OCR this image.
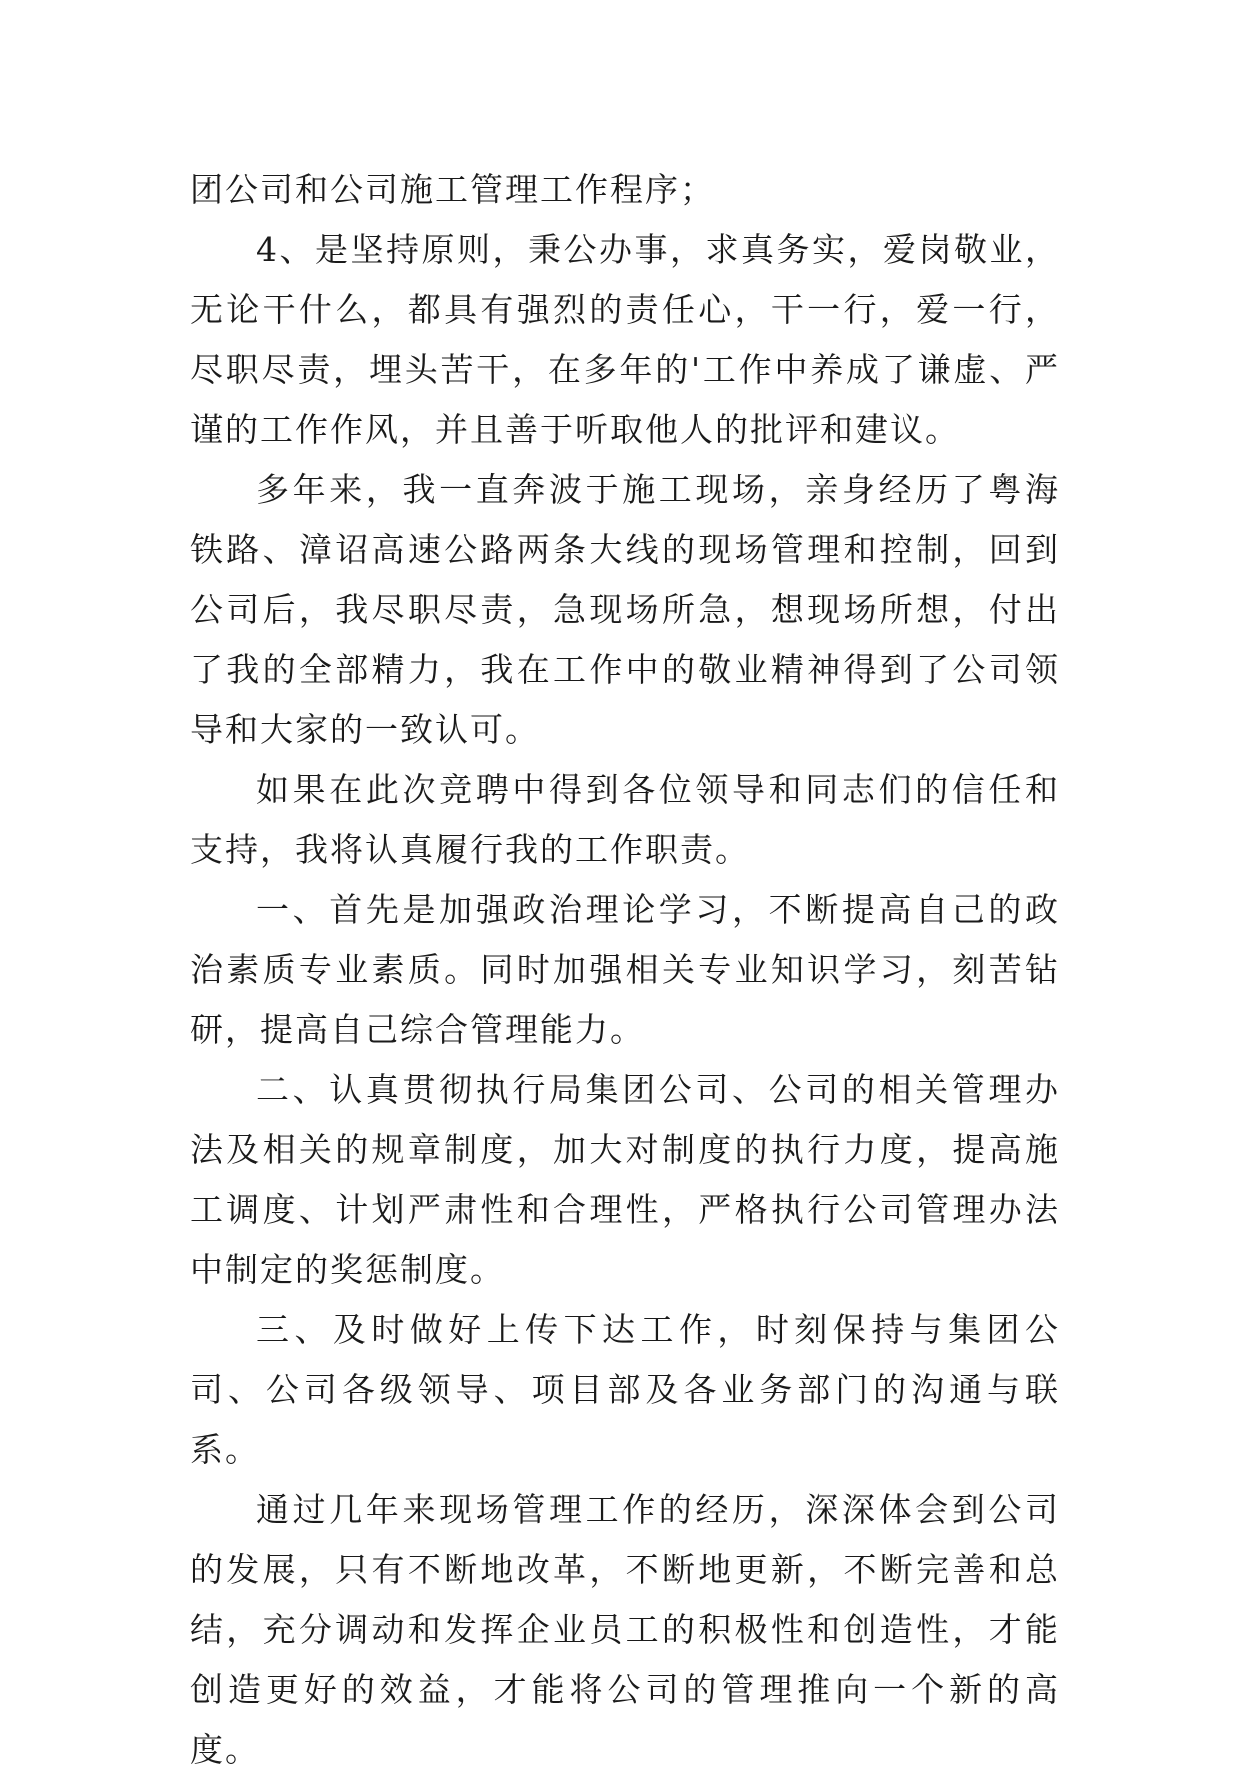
团公司和公司施工管理工作程序；

4、是坚持原则，秉公办事，求真务实，爱岗敬业，无论干什么，都具有强烈的责任心，干一行，爱一行，尽职尽责，埋头苦干，在多年的'工作中养成了谦虚、严谨的工作作风，并且善于听取他人的批评和建议。

多年来，我一直奔波于施工现场，亲身经历了粤海铁路、漳诏高速公路两条大线的现场管理和控制，回到公司后，我尽职尽责，急现场所急，想现场所想，付出了我的全部精力，我在工作中的敬业精神得到了公司领导和大家的一致认可。

如果在此次竞聘中得到各位领导和同志们的信任和支持，我将认真履行我的工作职责。

一、首先是加强政治理论学习，不断提高自己的政治素质专业素质。同时加强相关专业知识学习，刻苦钻研，提高自己综合管理能力。

二、认真贯彻执行局集团公司、公司的相关管理办法及相关的规章制度，加大对制度的执行力度，提高施工调度、计划严肃性和合理性，严格执行公司管理办法中制定的奖惩制度。

三、及时做好上传下达工作，时刻保持与集团公司、公司各级领导、项目部及各业务部门的沟通与联系。

通过几年来现场管理工作的经历，深深体会到公司的发展，只有不断地改革，不断地更新，不断完善和总结，充分调动和发挥企业员工的积极性和创造性，才能创造更好的效益，才能将公司的管理推向一个新的高度。
